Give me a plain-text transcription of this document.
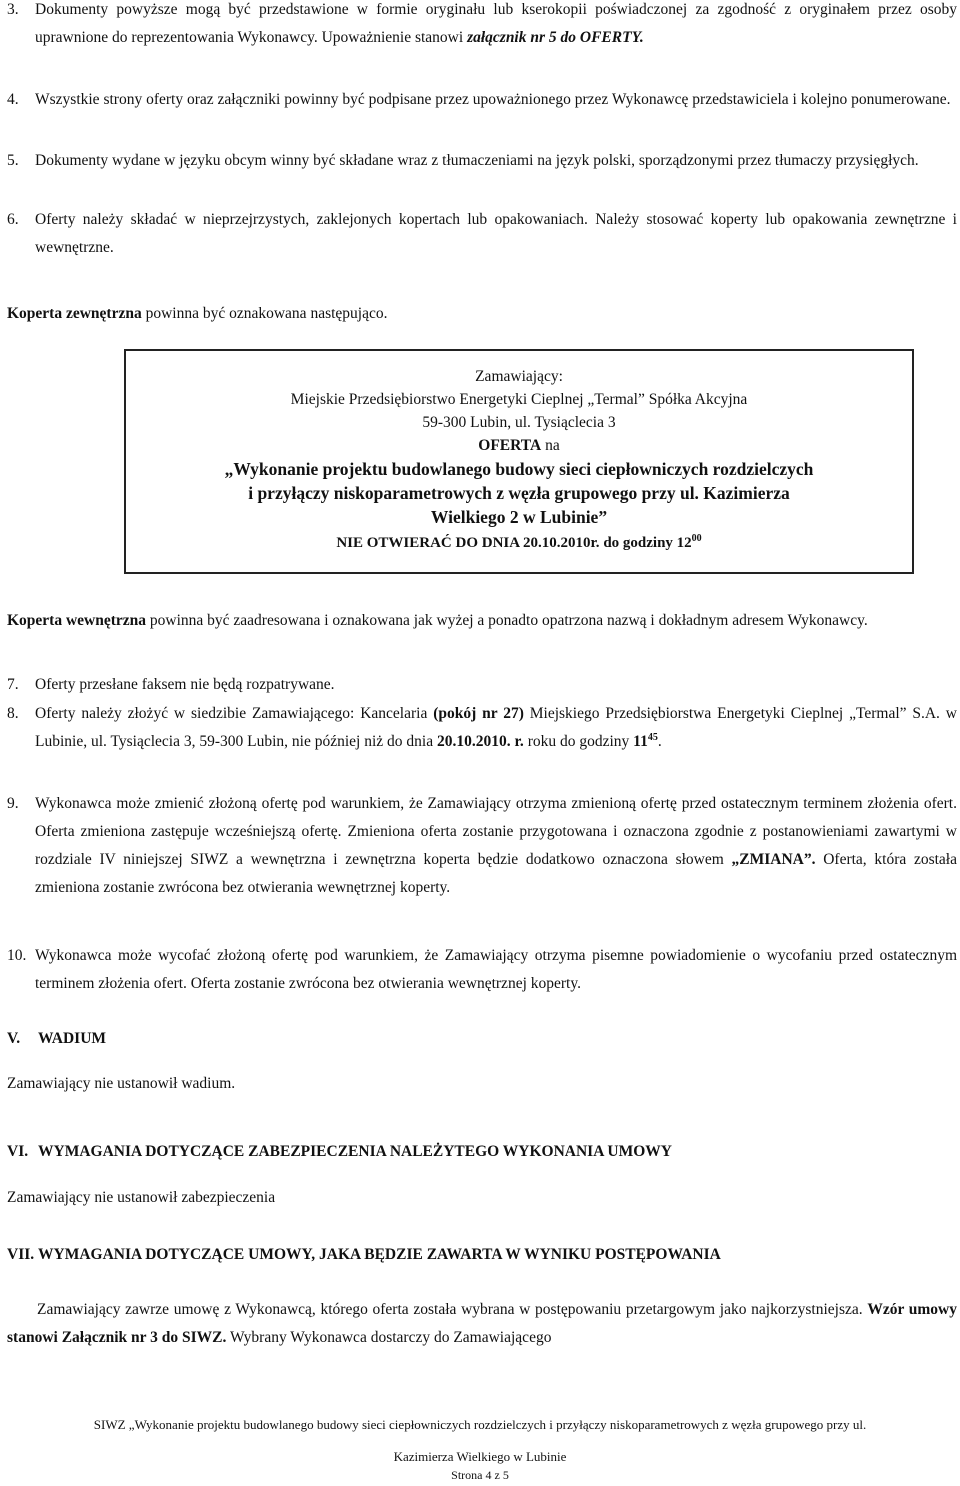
3.	Dokumenty powyższe mogą być przedstawione w formie oryginału lub kserokopii poświadczonej za zgodność z oryginałem przez osoby uprawnione do reprezentowania Wykonawcy. Upoważnienie stanowi załącznik nr 5 do OFERTY.
4.	Wszystkie strony oferty oraz załączniki powinny być podpisane przez upoważnionego przez Wykonawcę przedstawiciela i kolejno ponumerowane.
5.	Dokumenty wydane w języku obcym winny być składane wraz z tłumaczeniami na język polski, sporządzonymi przez tłumaczy przysięgłych.
6.	Oferty należy składać w nieprzejrzystych, zaklejonych kopertach lub opakowaniach. Należy stosować koperty lub opakowania zewnętrzne i wewnętrzne.
Koperta zewnętrzna powinna być oznakowana następująco.
Zamawiający:
Miejskie Przedsiębiorstwo Energetyki Cieplnej „Termal” Spółka Akcyjna
59-300 Lubin, ul. Tysiąclecia 3
OFERTA na
„Wykonanie projektu budowlanego budowy sieci ciepłowniczych rozdzielczych
i przyłączy niskoparametrowych z węzła grupowego przy ul. Kazimierza
Wielkiego 2 w Lubinie”
NIE OTWIERAĆ DO DNIA 20.10.2010r. do godziny $12^{00}$
Koperta wewnętrzna powinna być zaadresowana i oznakowana jak wyżej a ponadto opatrzona nazwą i dokładnym adresem Wykonawcy.
7.	Oferty przesłane faksem nie będą rozpatrywane.
8.	Oferty należy złożyć w siedzibie Zamawiającego: Kancelaria (pokój nr 27) Miejskiego Przedsiębiorstwa Energetyki Cieplnej „Termal” S.A. w Lubinie, ul. Tysiąclecia 3, 59-300 Lubin, nie później niż do dnia 20.10.2010. r. roku do godziny $11^{45}$.
9.	Wykonawca może zmienić złożoną ofertę pod warunkiem, że Zamawiający otrzyma zmienioną ofertę przed ostatecznym terminem złożenia ofert. Oferta zmieniona zastępuje wcześniejszą ofertę. Zmieniona oferta zostanie przygotowana i oznaczona zgodnie z postanowieniami zawartymi w rozdziale IV niniejszej SIWZ a wewnętrzna i zewnętrzna koperta będzie dodatkowo oznaczona słowem „ZMIANA”. Oferta, która została zmieniona zostanie zwrócona bez otwierania wewnętrznej koperty.
10. Wykonawca może wycofać złożoną ofertę pod warunkiem, że Zamawiający otrzyma pisemne powiadomienie o wycofaniu przed ostatecznym terminem złożenia ofert. Oferta zostanie zwrócona bez otwierania wewnętrznej koperty.
V. WADIUM
Zamawiający nie ustanowił wadium.
VI. WYMAGANIA DOTYCZĄCE ZABEZPIECZENIA NALEŻYTEGO WYKONANIA UMOWY
Zamawiający nie ustanowił zabezpieczenia
VII. WYMAGANIA DOTYCZĄCE UMOWY, JAKA BĘDZIE ZAWARTA W WYNIKU POSTĘPOWANIA
Zamawiający zawrze umowę z Wykonawcą, którego oferta została wybrana w postępowaniu przetargowym jako najkorzystniejsza. Wzór umowy stanowi Załącznik nr 3 do SIWZ. Wybrany Wykonawca dostarczy do Zamawiającego
SIWZ „Wykonanie projektu budowlanego budowy sieci ciepłowniczych rozdzielczych i przyłączy niskoparametrowych z węzła grupowego przy ul.
Kazimierza Wielkiego w Lubinie
Strona 4 z 5
